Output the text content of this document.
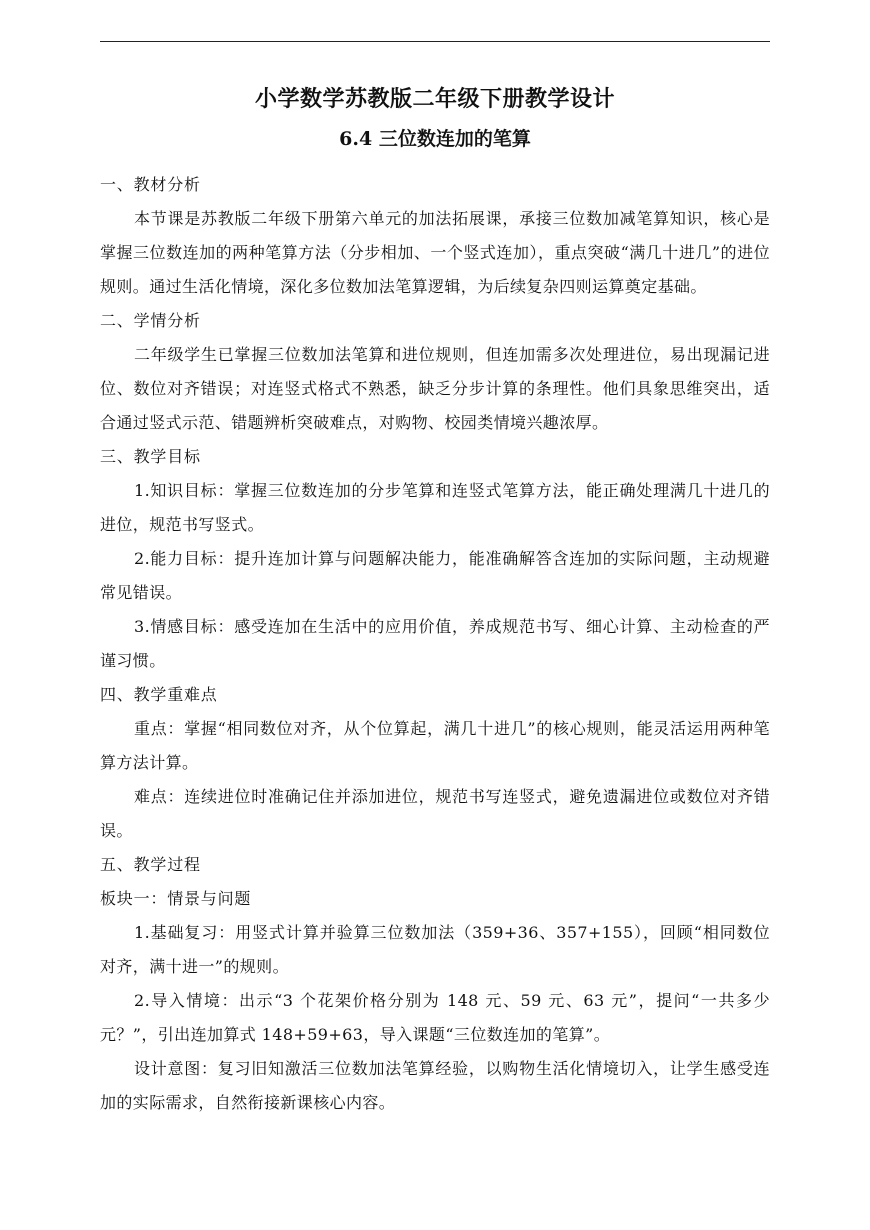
小学数学苏教版二年级下册教学设计
6.4 三位数连加的笔算

一、教材分析

本节课是苏教版二年级下册第六单元的加法拓展课，承接三位数加减笔算知识，核心是掌握三位数连加的两种笔算方法（分步相加、一个竖式连加），重点突破“满几十进几”的进位规则。通过生活化情境，深化多位数加法笔算逻辑，为后续复杂四则运算奠定基础。

二、学情分析

二年级学生已掌握三位数加法笔算和进位规则，但连加需多次处理进位，易出现漏记进位、数位对齐错误；对连竖式格式不熟悉，缺乏分步计算的条理性。他们具象思维突出，适合通过竖式示范、错题辨析突破难点，对购物、校园类情境兴趣浓厚。

三、教学目标

1.知识目标：掌握三位数连加的分步笔算和连竖式笔算方法，能正确处理满几十进几的进位，规范书写竖式。

2.能力目标：提升连加计算与问题解决能力，能准确解答含连加的实际问题，主动规避常见错误。

3.情感目标：感受连加在生活中的应用价值，养成规范书写、细心计算、主动检查的严谨习惯。

四、教学重难点

重点：掌握“相同数位对齐，从个位算起，满几十进几”的核心规则，能灵活运用两种笔算方法计算。

难点：连续进位时准确记住并添加进位，规范书写连竖式，避免遗漏进位或数位对齐错误。

五、教学过程

板块一：情景与问题

1.基础复习：用竖式计算并验算三位数加法（359+36、357+155），回顾“相同数位对齐，满十进一”的规则。

2.导入情境：出示“3 个花架价格分别为 148 元、59 元、63 元”，提问“一共多少元？”，引出连加算式 148+59+63，导入课题“三位数连加的笔算”。

设计意图：复习旧知激活三位数加法笔算经验，以购物生活化情境切入，让学生感受连加的实际需求，自然衔接新课核心内容。
